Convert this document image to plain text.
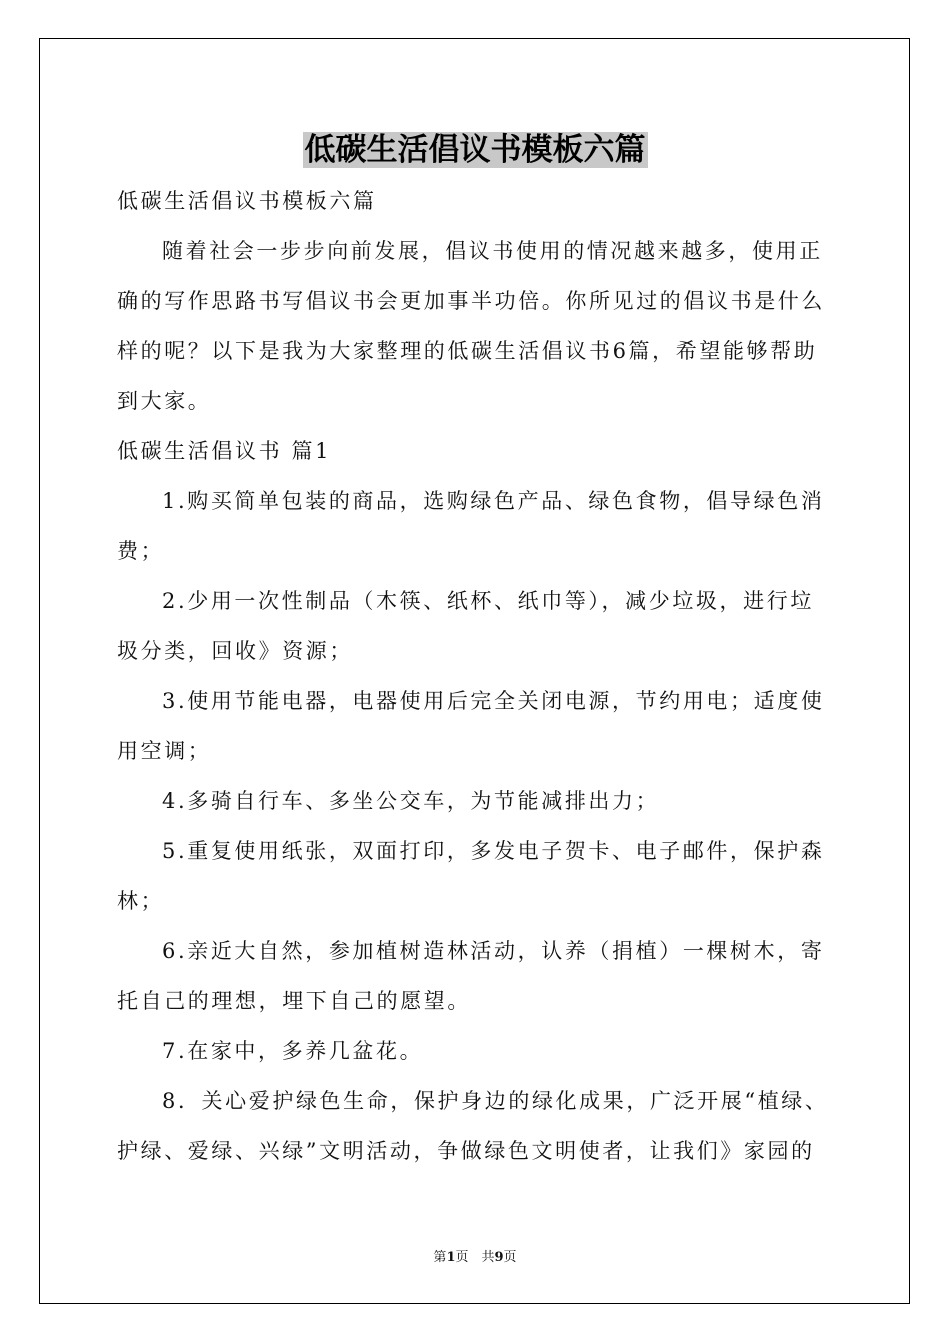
低碳生活倡议书模板六篇
低碳生活倡议书模板六篇
随着社会一步步向前发展，倡议书使用的情况越来越多，使用正
确的写作思路书写倡议书会更加事半功倍。你所见过的倡议书是什么
样的呢？以下是我为大家整理的低碳生活倡议书6篇，希望能够帮助
到大家。
低碳生活倡议书 篇1
1.购买简单包装的商品，选购绿色产品、绿色食物，倡导绿色消
费；
2.少用一次性制品（木筷、纸杯、纸巾等），减少垃圾，进行垃
圾分类，回收》资源；
3.使用节能电器，电器使用后完全关闭电源，节约用电；适度使
用空调；
4.多骑自行车、多坐公交车，为节能减排出力；
5.重复使用纸张，双面打印，多发电子贺卡、电子邮件，保护森
林；
6.亲近大自然，参加植树造林活动，认养（捐植）一棵树木，寄
托自己的理想，埋下自己的愿望。
7.在家中，多养几盆花。
8．关心爱护绿色生命，保护身边的绿化成果，广泛开展“植绿、
护绿、爱绿、兴绿”文明活动，争做绿色文明使者，让我们》家园的
第1页　共9页
